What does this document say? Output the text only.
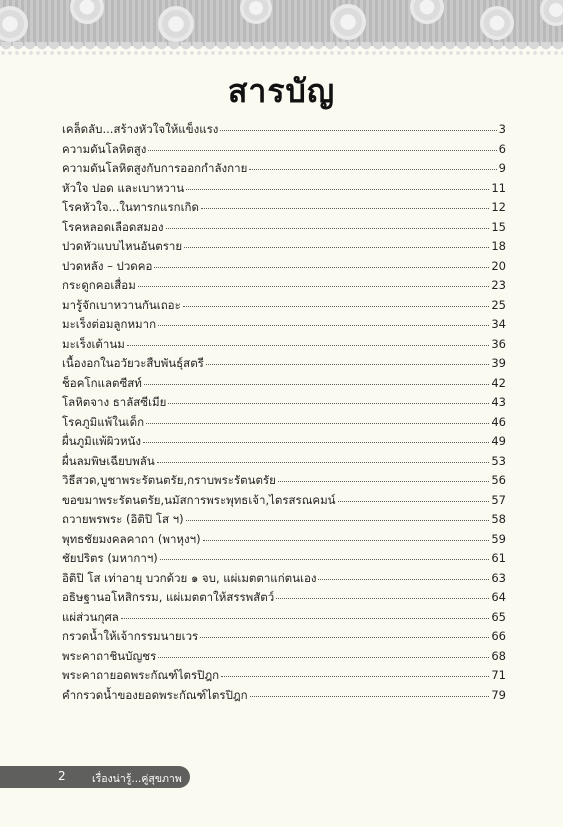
สารบัญ
เคล็ดลับ...สร้างหัวใจให้แข็งแรง	3
ความดันโลหิตสูง	6
ความดันโลหิตสูงกับการออกกำลังกาย	9
หัวใจ ปอด และเบาหวาน	11
โรคหัวใจ...ในทารกแรกเกิด	12
โรคหลอดเลือดสมอง	15
ปวดหัวแบบไหนอันตราย	18
ปวดหลัง – ปวดคอ	20
กระดูกคอเสื่อม	23
มารู้จักเบาหวานกันเถอะ	25
มะเร็งต่อมลูกหมาก	34
มะเร็งเต้านม	36
เนื้องอกในอวัยวะสืบพันธุ์สตรี	39
ช็อคโกแลตซีสท์	42
โลหิตจาง ธาลัสซีเมีย	43
โรคภูมิแพ้ในเด็ก	46
ผื่นภูมิแพ้ผิวหนัง	49
ผื่นลมพิษเฉียบพลัน	53
วิธีสวด,บูชาพระรัตนตรัย,กราบพระรัตนตรัย	56
ขอขมาพระรัตนตรัย,นมัสการพระพุทธเจ้า,ไตรสรณคมน์	57
ถวายพรพระ (อิติปิ โส ฯ)	58
พุทธชัยมงคลคาถา (พาหุงฯ)	59
ชัยปริตร (มหากาฯ)	61
อิติปิ โส เท่าอายุ บวกด้วย ๑ จบ, แผ่เมตตาแก่ตนเอง	63
อธิษฐานอโหสิกรรม, แผ่เมตตาให้สรรพสัตว์	64
แผ่ส่วนกุศล	65
กรวดน้ำให้เจ้ากรรมนายเวร	66
พระคาถาชินบัญชร	68
พระคาถายอดพระกัณฑ์ไตรปิฎก	71
คำกรวดน้ำของยอดพระกัณฑ์ไตรปิฎก	79
2	เรื่องน่ารู้...คู่สุขภาพ
